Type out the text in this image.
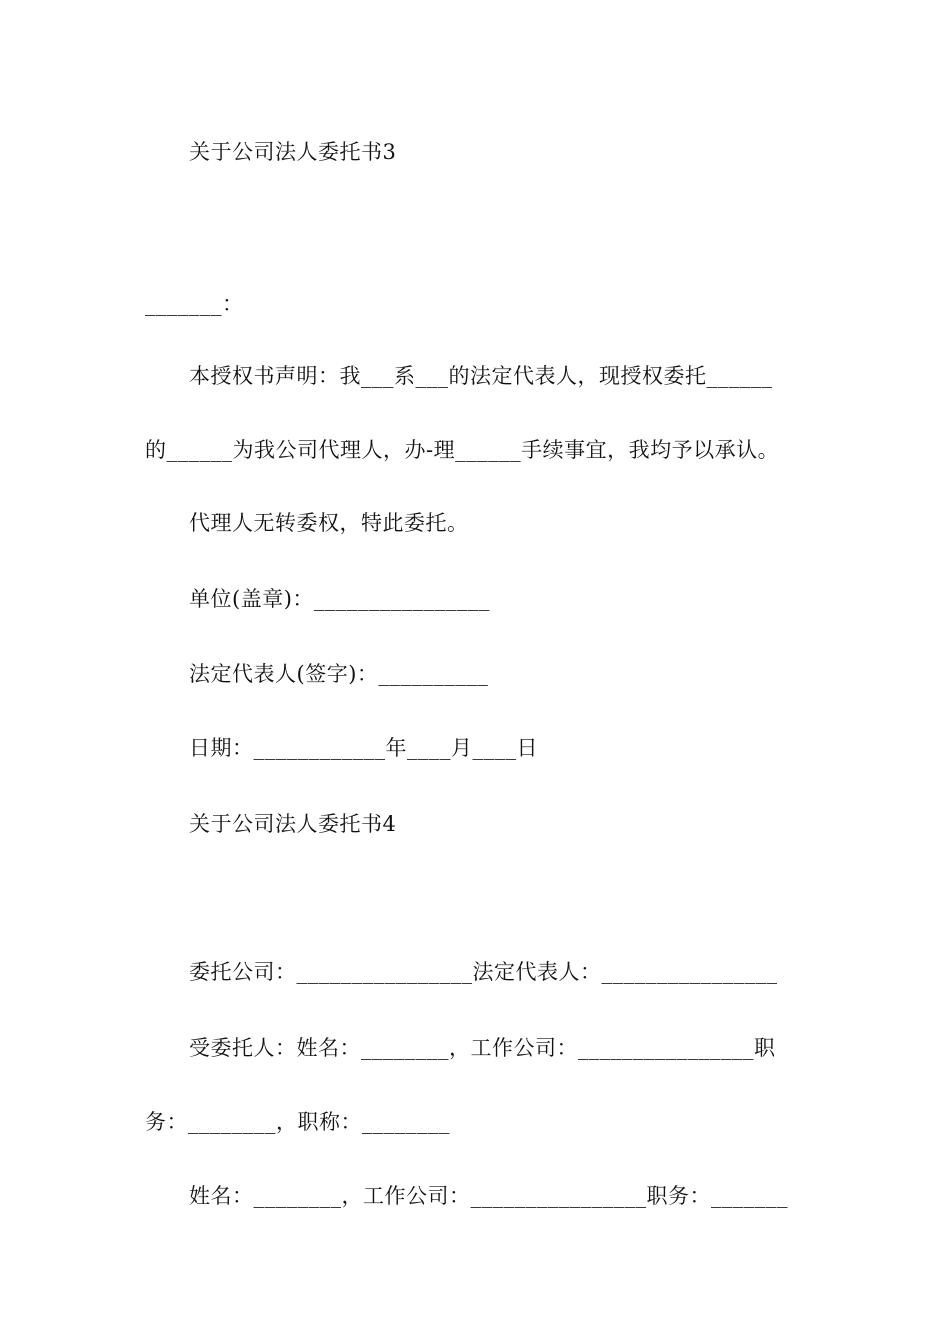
关于公司法人委托书3
_______：
本授权书声明：我___系___的法定代表人，现授权委托______
的______为我公司代理人，办-理______手续事宜，我均予以承认。
代理人无转委权，特此委托。
单位(盖章)：________________
法定代表人(签字)：__________
日期：____________年____月____日
关于公司法人委托书4
委托公司：________________法定代表人：________________
受委托人：姓名：________，工作公司：________________职
务：________，职称：________
姓名：________，工作公司：________________职务：_______
